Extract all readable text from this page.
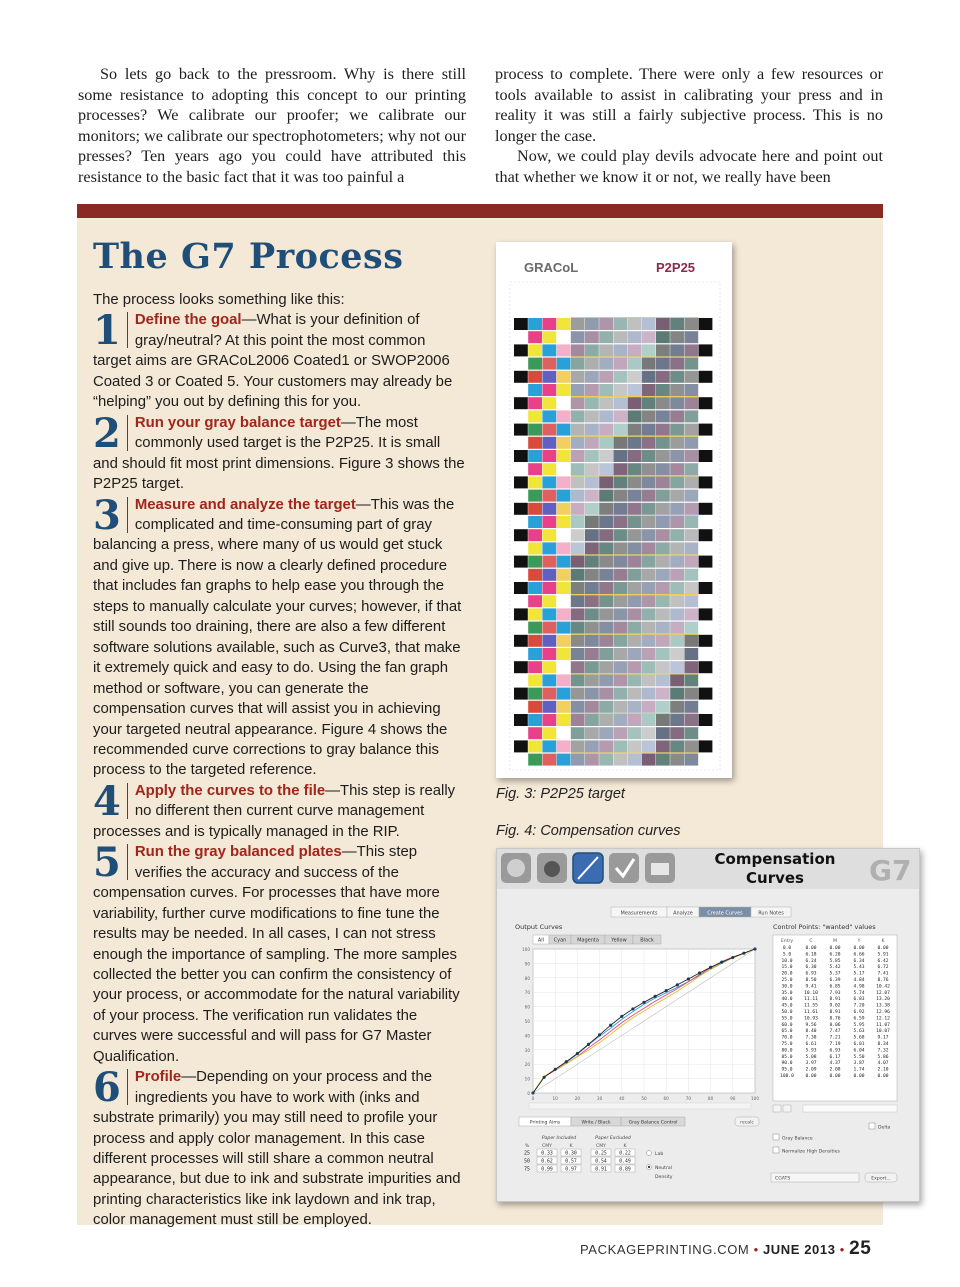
So lets go back to the pressroom. Why is there still some resistance to adopting this concept to our printing processes? We calibrate our proofer; we calibrate our monitors; we calibrate our spectrophotometers; why not our presses? Ten years ago you could have attributed this resistance to the basic fact that it was too painful a

process to complete. There were only a few resources or tools available to assist in calibrating your press and in reality it was still a fairly subjective process. This is no longer the case.

Now, we could play devils advocate here and point out that whether we know it or not, we really have been

The G7 Process

The process looks something like this:

1 Define the goal—What is your definition of gray/neutral? At this point the most common target aims are GRACoL2006 Coated1 or SWOP2006 Coated 3 or Coated 5. Your customers may already be “helping” you out by defining this for you.
2 Run your gray balance target—The most commonly used target is the P2P25. It is small and should fit most print dimensions. Figure 3 shows the P2P25 target.
3 Measure and analyze the target—This was the complicated and time-consuming part of gray balancing a press, where many of us would get stuck and give up. There is now a clearly defined procedure that includes fan graphs to help ease you through the steps to manually calculate your curves; however, if that still sounds too draining, there are also a few different software solutions available, such as Curve3, that make it extremely quick and easy to do. Using the fan graph method or software, you can generate the compensation curves that will assist you in achieving your targeted neutral appearance. Figure 4 shows the recommended curve corrections to gray balance this process to the targeted reference.
4 Apply the curves to the file—This step is really no different then current curve management processes and is typically managed in the RIP.
5 Run the gray balanced plates—This step verifies the accuracy and success of the compensation curves. For processes that have more variability, further curve modifications to fine tune the results may be needed. In all cases, I can not stress enough the importance of sampling. The more samples collected the better you can confirm the consistency of your process, or accommodate for the natural variability of your process. The verification run validates the curves were successful and will pass for G7 Master Qualification.
6 Profile—Depending on your process and the ingredients you have to work with (inks and substrate primarily) you may still need to profile your process and apply color management. In this case different processes will still share a common neutral appearance, but due to ink and substrate impurities and printing characteristics like ink laydown and ink trap, color management must still be employed.
GRACoL	P2P25
Fig. 3: P2P25 target
Fig. 4: Compensation curves
Compensation
Curves G7
Measurements	Analyze	Create Curves	Run Notes
Output Curves
All Cyan Magenta Yellow	Black
100
0
90
10
80
20
70
30
60
40
50
50
40
60
30
70
20
80
10
90
0
100
Control Points: "wanted" values
Entry	C	M	Y	K
0.0	0.00	0.00	0.00	0.00
5.0	6.18	6.20	6.66	5.91
10.0	6.24	5.85	6.34	6.42
15.0	6.30	5.42	5.43	6.72
20.0	6.93	5.37	5.17	7.41
25.0	8.50	6.39	4.84	8.76
30.0	9.41	6.85	4.98	10.42
35.0	10.10	7.93	5.74	12.07
40.0	11.11	8.91	6.83	13.20
45.0	11.55	9.02	7.20	13.38
50.0	11.61	8.91	6.92	12.96
55.0	10.93	8.76	6.59	12.12
60.0	9.56	8.06	5.95	11.07
65.0	8.40	7.47	5.63	10.07
70.0	7.38	7.21	5.68	9.17
75.0	6.61	7.19	6.01	8.34
80.0	5.93	6.93	6.04	7.32
85.0	5.08	6.17	5.50	5.86
90.0	3.97	4.37	3.87	4.07
95.0	2.09	2.08	1.74	2.10
100.0	0.00	0.00	0.00	0.00
Printing Aims	Write / Black	Gray Balance Control	recalc
Paper Included	Paper Excluded
%	CMY	K	CMY	K
25 0.33	0.30	0.25	0.22
50 0.62	0.57	0.54	0.49
75 0.99	0.97	0.91	0.89
Lab
Neutral
Density
Delta
Gray Balance
Normalize High Densities
CGATS	Export...
PACKAGEPRINTING.COM • JUNE 2013 • 25
